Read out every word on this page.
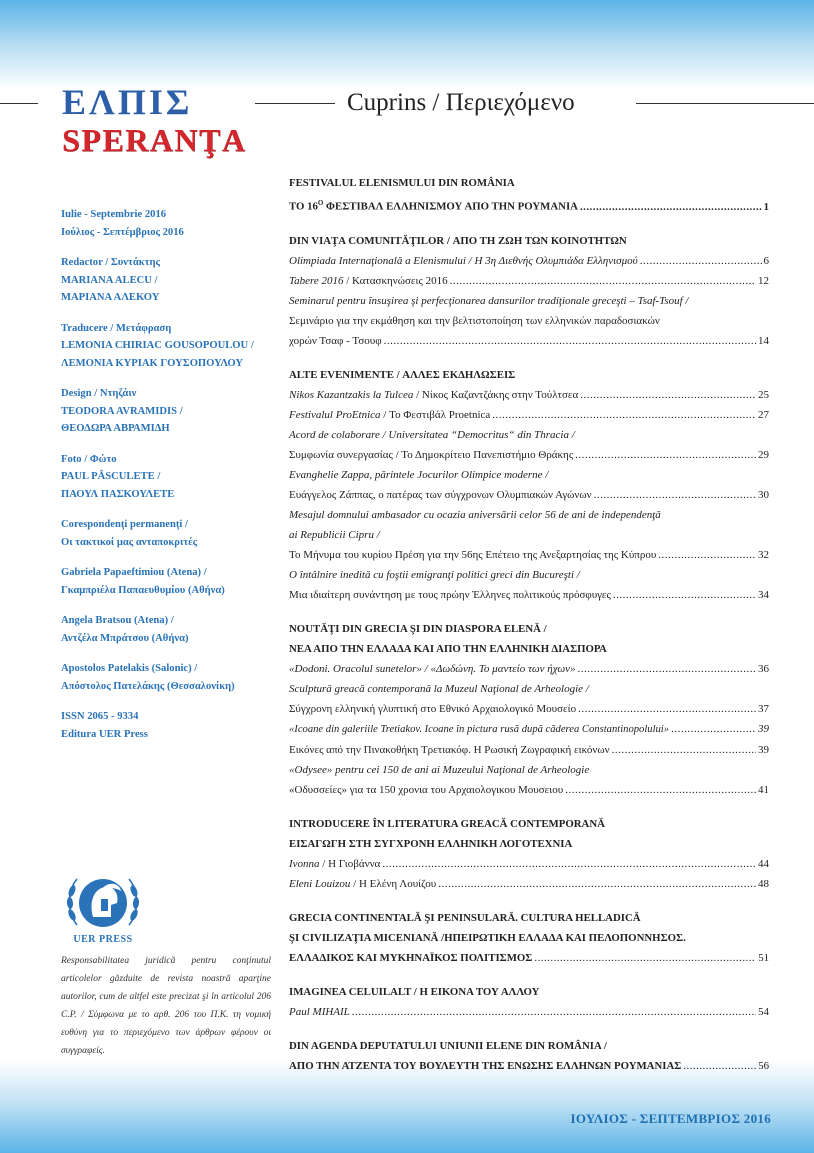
ΕΛΠΙΣ
SPERANŢA
Cuprins / Περιεχόμενο
Iulie - Septembrie 2016
Ιούλιος - Σεπτέμβριος 2016
Redactor / Συντάκτης
MARIANA ALECU /
ΜΑΡΙΑΝΑ ΑΛΕΚΟΥ
Traducere / Μετάφραση
LEMONIA CHIRIAC GOUSOPOULOU /
ΛΕΜΟΝΙΑ ΚΥΡΙΑΚ ΓΟΥΣΟΠΟΥΛΟΥ
Design / Ντηζάιν
TEODORA AVRAMIDIS /
ΘΕΟΔΩΡΑ ΑΒΡΑΜΙΔΗ
Foto / Φώτο
PAUL PĂSCULETE /
ΠΑΟΥΛ ΠΑΣΚΟΥΛΕΤΕ
Corespondenţi permanenţi /
Οι τακτικοί μας ανταποκριτές
Gabriela Papaeftimiou (Atena) /
Γκαμπριέλα Παπαευθυμίου (Αθήνα)
Angela Bratsou (Atena) /
Αντζέλα Μπράτσου (Αθήνα)
Apostolos Patelakis (Salonic) /
Απόστολος Πατελάκης (Θεσσαλονίκη)
ISSN 2065 - 9334
Editura UER Press
UER PRESS
Responsabilitatea juridică pentru conţinutul articolelor găzduite de revista noastră aparţine autorilor, cum de altfel este precizat şi în articolul 206 C.P. / Σύμφωνα με το αρθ. 206 του Π.Κ. τη νομική ευθύνη για το περιεχόμενο των άρθρων φέρουν οι συγγραφείς.
FESTIVALUL ELENISMULUI DIN ROMÂNIA
ΤΟ $16^O$ ΦΕΣΤΙΒΑΛ ΕΛΛΗΝΙΣΜΟΥ ΑΠΟ ΤΗΝ ΡΟΥΜΑΝΙΑ .....	1
DIN VIAŢA COMUNITĂŢILOR / ΑΠΟ ΤΗ ΖΩΗ ΤΩΝ ΚΟΙΝΟΤΗΤΩΝ
Olimpiada Internaţională a Elenismului / Η 3η Διεθνής Ολυμπιάδα Ελληνισμού .....	6
Tabere 2016 / Κατασκηνώσεις 2016 .....	12
Seminarul pentru însuşirea şi perfecţionarea dansurilor tradiţionale greceşti – Tsaf-Tsouf /
Σεμινάριο για την εκμάθηση και την βελτιστοποίηση των ελληνικών παραδοσιακών
χορών Τσαφ - Τσουφ .....	14
ALTE EVENIMENTE / ΑΛΛΕΣ ΕΚΔΗΛΩΣΕΙΣ
Nikos Kazantzakis la Tulcea / Νίκος Καζαντζάκης στην Τούλτσεα .....	25
Festivalul ProEtnica / Το Φεστιβάλ Proetnica .....	27
Acord de colaborare / Universitatea “Democritus“ din Thracia /
Συμφωνία συνεργασίας / Το Δημοκρίτειο Πανεπιστήμιο Θράκης .....	29
Evanghelie Zappa, părintele Jocurilor Olimpice moderne /
Ευάγγελος Ζάππας, ο πατέρας των σύγχρονων Ολυμπιακών Αγώνων .....	30
Mesajul domnului ambasador cu ocazia aniversării celor 56 de ani de independenţă
ai Republicii Cipru /
Το Μήνυμα του κυρίου Πρέση για την 56ης Επέτειο της Ανεξαρτησίας της Κύπρου .....	32
O întâlnire inedită cu foştii emigranţi politici greci din Bucureşti /
Μια ιδιαίτερη συνάντηση με τους πρώην Έλληνες πολιτικούς πρόσφυγες .....	34
NOUTĂŢI DIN GRECIA ŞI DIN DIASPORA ELENĂ /
ΝΕΑ ΑΠΟ ΤΗΝ ΕΛΛΑΔΑ ΚΑΙ ΑΠΟ ΤΗΝ ΕΛΛΗΝΙΚΗ ΔΙΑΣΠΟΡΑ
«Dodoni. Oracolul sunetelor» / «Δωδώνη. Το μαντείο των ήχων» .....	36
Sculptură greacă contemporană la Muzeul Naţional de Arheologie /
Σύγχρονη ελληνική γλυπτική στο Εθνικό Αρχαιολογικό Μουσείο .....	37
«Icoane din galeriile Tretiakov. Icoane în pictura rusă după căderea Constantinopolului» .....	39
Εικόνες από την Πινακοθήκη Τρετιακόφ. Η Ρωσική Ζωγραφική εικόνων .....	39
«Odysee» pentru cei 150 de ani ai Muzeului Naţional de Arheologie
«Οδυσσείες» για τα 150 χρονια του Αρχαιολογικου Μουσειου .....	41
INTRODUCERE ÎN LITERATURA GREACĂ CONTEMPORANĂ
ΕΙΣΑΓΩΓΗ ΣΤΗ ΣΥΓΧΡΟΝΗ ΕΛΛΗΝΙΚΗ ΛΟΓΟΤΕΧΝΙΑ
Ivonna / Η Γιοβάννα .....	44
Eleni Louizou / Η Ελένη Λουίζου .....	48
GRECIA CONTINENTALĂ ŞI PENINSULARĂ. CULTURA HELLADICĂ
ŞI CIVILIZAŢIA MICENIANĂ /ΗΠΕΙΡΩΤΙΚΗ ΕΛΛΑΔΑ ΚΑΙ ΠΕΛΟΠΟΝΝΗΣΟΣ.
ΕΛΛΑΔΙΚΟΣ ΚΑΙ ΜΥΚΗΝΑΪΚΟΣ ΠΟΛΙΤΙΣΜΟΣ .....	51
IMAGINEA CELUILALT / Η ΕΙΚΟΝΑ ΤΟΥ ΑΛΛΟΥ
Paul MIHAIL .....	54
DIN AGENDA DEPUTATULUI UNIUNII ELENE DIN ROMÂNIA /
ΑΠΟ ΤΗΝ ΑΤΖΕΝΤΑ ΤΟΥ ΒΟΥΛΕΥΤΗ ΤΗΣ ΕΝΩΣΗΣ ΕΛΛΗΝΩΝ ΡΟΥΜΑΝΙΑΣ .....	56
ΙΟΥΛΙΟΣ - ΣΕΠΤΕΜΒΡΙΟΣ 2016
